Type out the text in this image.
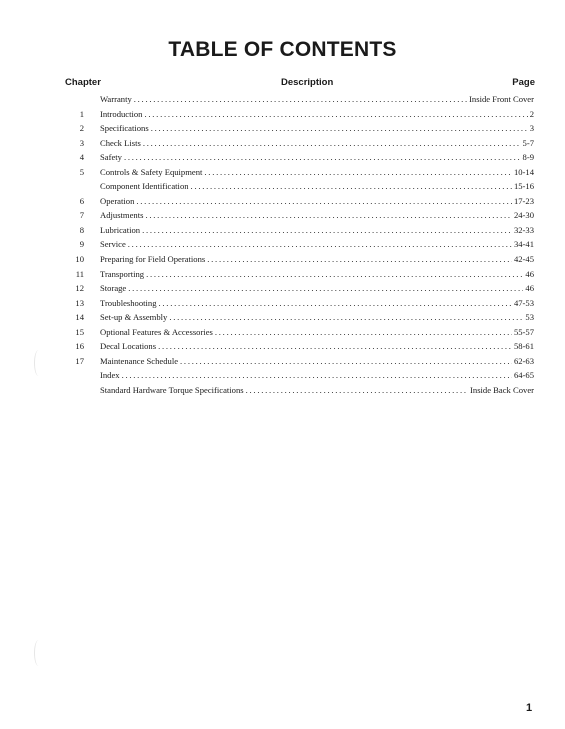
TABLE OF CONTENTS
Chapter	Description	Page
Warranty . . .	Inside Front Cover
1 Introduction . . .	2
2 Specifications . . .	3
3 Check Lists . . .	5-7
4 Safety . . .	8-9
5 Controls & Safety Equipment . . .	10-14
Component Identification . . .	15-16
6 Operation . . .	17-23
7 Adjustments . . .	24-30
8 Lubrication . . .	32-33
9 Service . . .	34-41
10 Preparing for Field Operations . . .	42-45
11 Transporting . . .	46
12 Storage . . .	46
13 Troubleshooting . . .	47-53
14 Set-up & Assembly . . .	53
15 Optional Features & Accessories . . .	55-57
16 Decal Locations . . .	58-61
17 Maintenance Schedule . . .	62-63
Index . . .	64-65
Standard Hardware Torque Specifications . . .	Inside Back Cover
1
